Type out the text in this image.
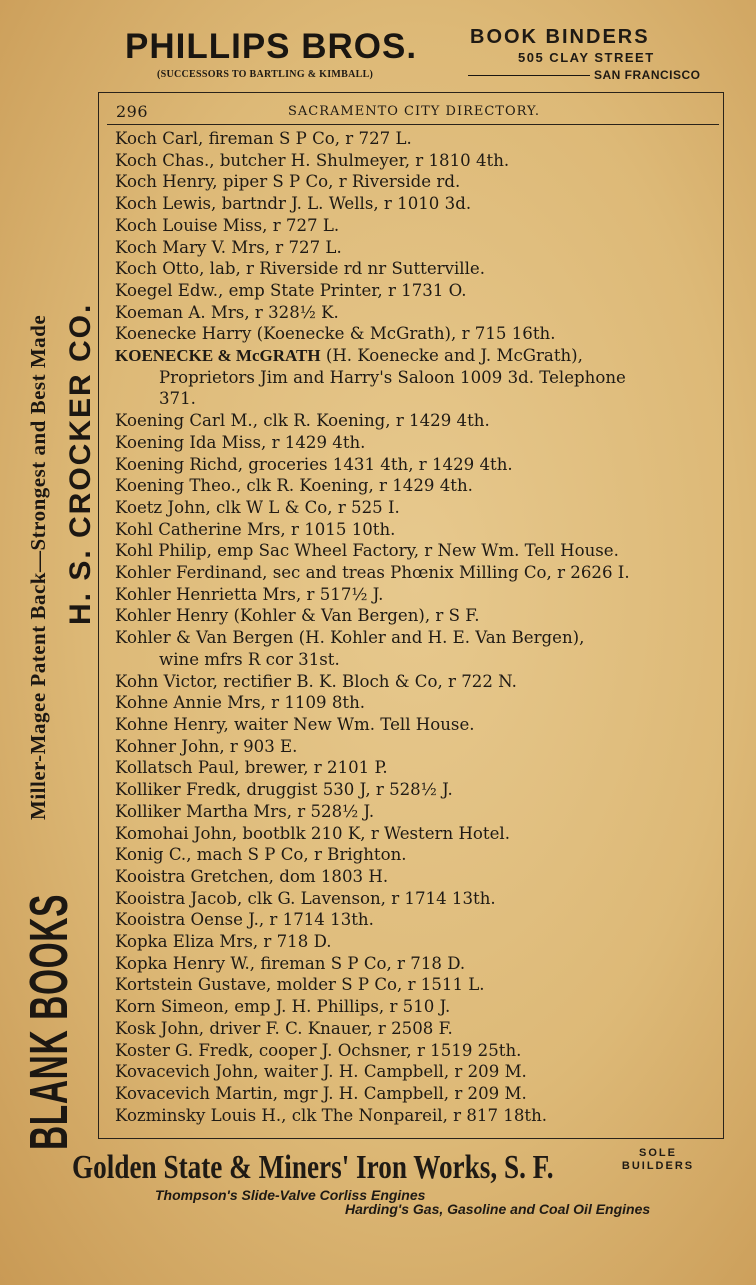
PHILLIPS BROS.
(SUCCESSORS TO BARTLING & KIMBALL)
BOOK BINDERS
505 CLAY STREET
SAN FRANCISCO
BLANK BOOKS
Miller-Magee Patent Back—Strongest and Best Made H. S. CROCKER CO.
296	SACRAMENTO CITY DIRECTORY.
Koch Carl, fireman S P Co, r 727 L.
Koch Chas., butcher H. Shulmeyer, r 1810 4th.
Koch Henry, piper S P Co, r Riverside rd.
Koch Lewis, bartndr J. L. Wells, r 1010 3d.
Koch Louise Miss, r 727 L.
Koch Mary V. Mrs, r 727 L.
Koch Otto, lab, r Riverside rd nr Sutterville.
Koegel Edw., emp State Printer, r 1731 O.
Koeman A. Mrs, r 328½ K.
Koenecke Harry (Koenecke & McGrath), r 715 16th.
KOENECKE & McGRATH (H. Koenecke and J. McGrath),
Proprietors Jim and Harry's Saloon 1009 3d. Telephone
371.
Koening Carl M., clk R. Koening, r 1429 4th.
Koening Ida Miss, r 1429 4th.
Koening Richd, groceries 1431 4th, r 1429 4th.
Koening Theo., clk R. Koening, r 1429 4th.
Koetz John, clk W L & Co, r 525 I.
Kohl Catherine Mrs, r 1015 10th.
Kohl Philip, emp Sac Wheel Factory, r New Wm. Tell House.
Kohler Ferdinand, sec and treas Phœnix Milling Co, r 2626 I.
Kohler Henrietta Mrs, r 517½ J.
Kohler Henry (Kohler & Van Bergen), r S F.
Kohler & Van Bergen (H. Kohler and H. E. Van Bergen),
wine mfrs R cor 31st.
Kohn Victor, rectifier B. K. Bloch & Co, r 722 N.
Kohne Annie Mrs, r 1109 8th.
Kohne Henry, waiter New Wm. Tell House.
Kohner John, r 903 E.
Kollatsch Paul, brewer, r 2101 P.
Kolliker Fredk, druggist 530 J, r 528½ J.
Kolliker Martha Mrs, r 528½ J.
Komohai John, bootblk 210 K, r Western Hotel.
Konig C., mach S P Co, r Brighton.
Kooistra Gretchen, dom 1803 H.
Kooistra Jacob, clk G. Lavenson, r 1714 13th.
Kooistra Oense J., r 1714 13th.
Kopka Eliza Mrs, r 718 D.
Kopka Henry W., fireman S P Co, r 718 D.
Kortstein Gustave, molder S P Co, r 1511 L.
Korn Simeon, emp J. H. Phillips, r 510 J.
Kosk John, driver F. C. Knauer, r 2508 F.
Koster G. Fredk, cooper J. Ochsner, r 1519 25th.
Kovacevich John, waiter J. H. Campbell, r 209 M.
Kovacevich Martin, mgr J. H. Campbell, r 209 M.
Kozminsky Louis H., clk The Nonpareil, r 817 18th.
Golden State & Miners' Iron Works, S. F.	SOLE
BUILDERS
Thompson's Slide-Valve Corliss Engines
Harding's Gas, Gasoline and Coal Oil Engines
